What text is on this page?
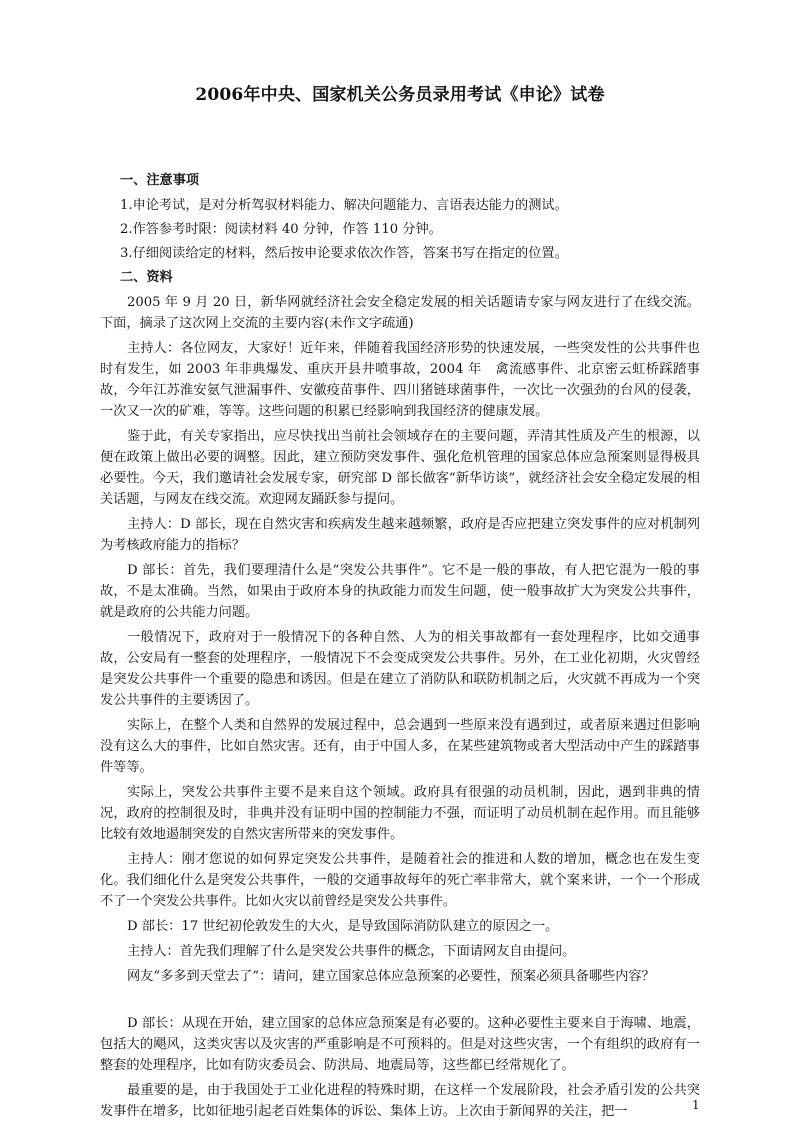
2006年中央、国家机关公务员录用考试《申论》试卷
一、注意事项
1.申论考试，是对分析驾驭材料能力、解决问题能力、言语表达能力的测试。
2.作答参考时限：阅读材料 40 分钟，作答 110 分钟。
3.仔细阅读给定的材料，然后按申论要求依次作答，答案书写在指定的位置。
二、资料

2005 年 9 月 20 日，新华网就经济社会安全稳定发展的相关话题请专家与网友进行了在线交流。下面，摘录了这次网上交流的主要内容(未作文字疏通)

主持人：各位网友，大家好！近年来，伴随着我国经济形势的快速发展，一些突发性的公共事件也时有发生，如 2003 年非典爆发、重庆开县井喷事故，2004 年　禽流感事件、北京密云虹桥踩踏事故，今年江苏淮安氨气泄漏事件、安徽疫苗事件、四川猪链球菌事件，一次比一次强劲的台风的侵袭，一次又一次的矿难，等等。这些问题的积累已经影响到我国经济的健康发展。

鉴于此，有关专家指出，应尽快找出当前社会领域存在的主要问题，弄清其性质及产生的根源，以便在政策上做出必要的调整。因此，建立预防突发事件、强化危机管理的国家总体应急预案则显得极具必要性。今天，我们邀请社会发展专家，研究部 D 部长做客“新华访谈”，就经济社会安全稳定发展的相关话题，与网友在线交流。欢迎网友踊跃参与提问。

主持人：D 部长，现在自然灾害和疾病发生越来越频繁，政府是否应把建立突发事件的应对机制列为考核政府能力的指标？

D 部长：首先，我们要理清什么是“突发公共事件”。它不是一般的事故，有人把它混为一般的事故，不是太准确。当然，如果由于政府本身的执政能力而发生问题，使一般事故扩大为突发公共事件，就是政府的公共能力问题。

一般情况下，政府对于一般情况下的各种自然、人为的相关事故都有一套处理程序，比如交通事故，公安局有一整套的处理程序，一般情况下不会变成突发公共事件。另外，在工业化初期，火灾曾经是突发公共事件一个重要的隐患和诱因。但是在建立了消防队和联防机制之后，火灾就不再成为一个突发公共事件的主要诱因了。

实际上，在整个人类和自然界的发展过程中，总会遇到一些原来没有遇到过，或者原来遇过但影响没有这么大的事件，比如自然灾害。还有，由于中国人多，在某些建筑物或者大型活动中产生的踩踏事件等等。

实际上，突发公共事件主要不是来自这个领域。政府具有很强的动员机制，因此，遇到非典的情况，政府的控制很及时，非典并没有证明中国的控制能力不强，而证明了动员机制在起作用。而且能够比较有效地遏制突发的自然灾害所带来的突发事件。

主持人：刚才您说的如何界定突发公共事件，是随着社会的推进和人数的增加，概念也在发生变化。我们细化什么是突发公共事件，一般的交通事故每年的死亡率非常大，就个案来讲，一个一个形成不了一个突发公共事件。比如火灾以前曾经是突发公共事件。

D 部长：17 世纪初伦敦发生的大火，是导致国际消防队建立的原因之一。

主持人：首先我们理解了什么是突发公共事件的概念，下面请网友自由提问。

网友“多多到天堂去了”：请问，建立国家总体应急预案的必要性，预案必须具备哪些内容？

D 部长：从现在开始，建立国家的总体应急预案是有必要的。这种必要性主要来自于海啸、地震，包括大的飓风，这类灾害以及灾害的严重影响是不可预料的。但是对这些灾害，一个有组织的政府有一整套的处理程序，比如有防灾委员会、防洪局、地震局等，这些都已经常规化了。

最重要的是，由于我国处于工业化进程的特殊时期，在这样一个发展阶段，社会矛盾引发的公共突发事件在增多，比如征地引起老百姓集体的诉讼、集体上访。上次由于新闻界的关注，把一	1
